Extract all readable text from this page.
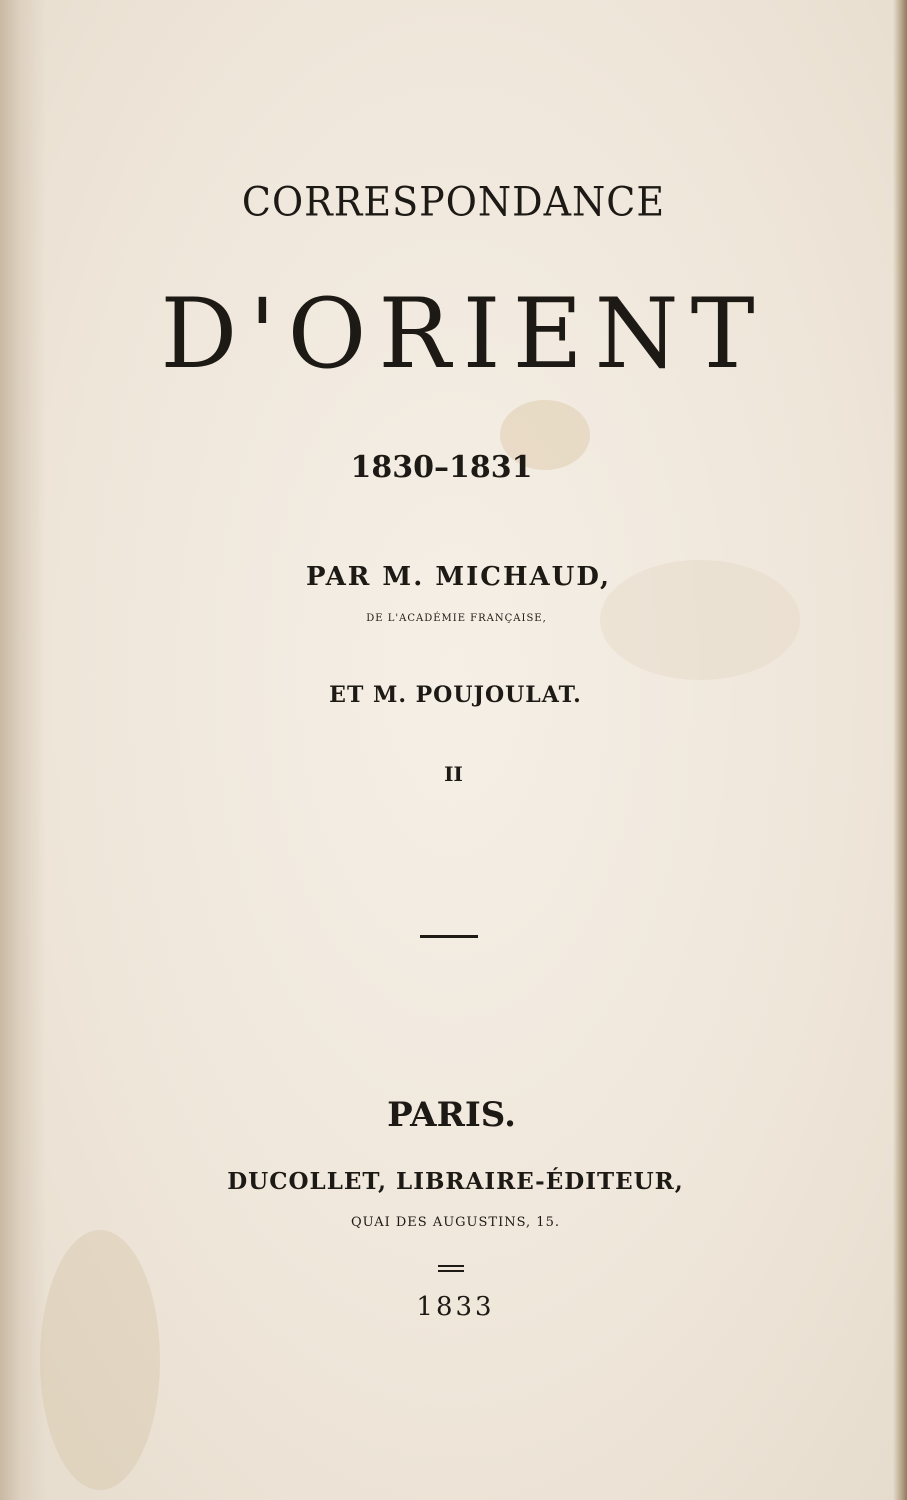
CORRESPONDANCE
D'ORIENT
1830–1831
PAR M. MICHAUD,
DE L'ACADÉMIE FRANÇAISE,
ET M. POUJOULAT.
II
PARIS.
DUCOLLET, LIBRAIRE-ÉDITEUR,
QUAI DES AUGUSTINS, 15.
1833
